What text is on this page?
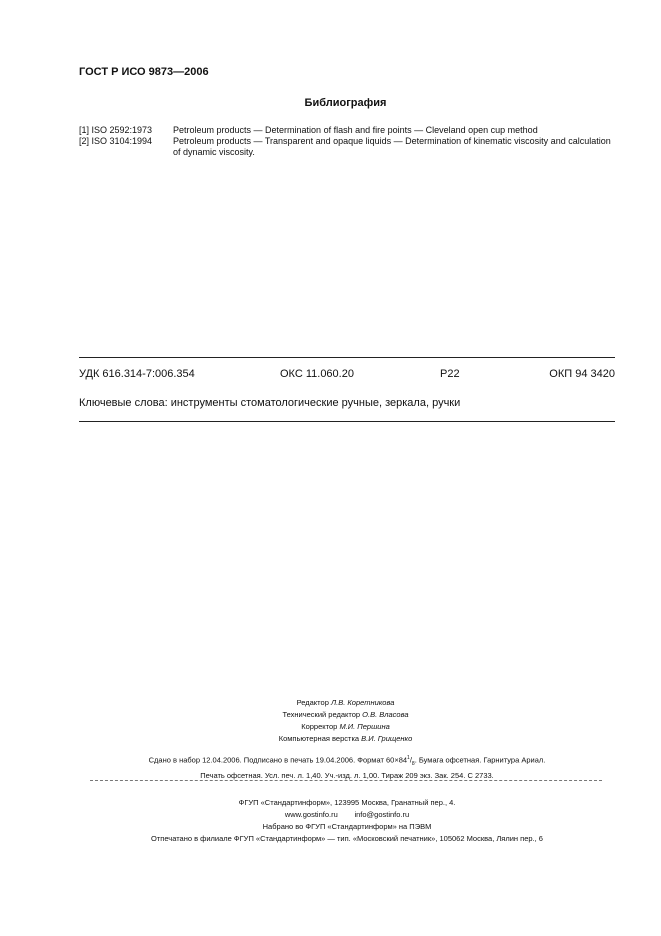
ГОСТ Р ИСО 9873—2006
Библиография
[1] ISO 2592:1973	Petroleum products — Determination of flash and fire points — Cleveland open cup method
[2] ISO 3104:1994	Petroleum products — Transparent and opaque liquids — Determination of kinematic viscosity and calculation of dynamic viscosity.
УДК 616.314-7:006.354	ОКС 11.060.20	Р22	ОКП 94 3420
Ключевые слова: инструменты стоматологические ручные, зеркала, ручки
Редактор Л.В. Коретникова
Технический редактор О.В. Власова
Корректор М.И. Першина
Компьютерная верстка В.И. Грищенко
Сдано в набор 12.04.2006. Подписано в печать 19.04.2006. Формат $60\times 84^1/_8$. Бумага офсетная. Гарнитура Ариал.
Печать офсетная. Усл. печ. л. 1,40. Уч.-изд. л. 1,00. Тираж 209 экз. Зак. 254. С 2733.
ФГУП «Стандартинформ», 123995 Москва, Гранатный пер., 4.
www.gostinfo.ru        info@gostinfo.ru
Набрано во ФГУП «Стандартинформ» на ПЭВМ
Отпечатано в филиале ФГУП «Стандартинформ» — тип. «Московский печатник», 105062 Москва, Лялин пер., 6
